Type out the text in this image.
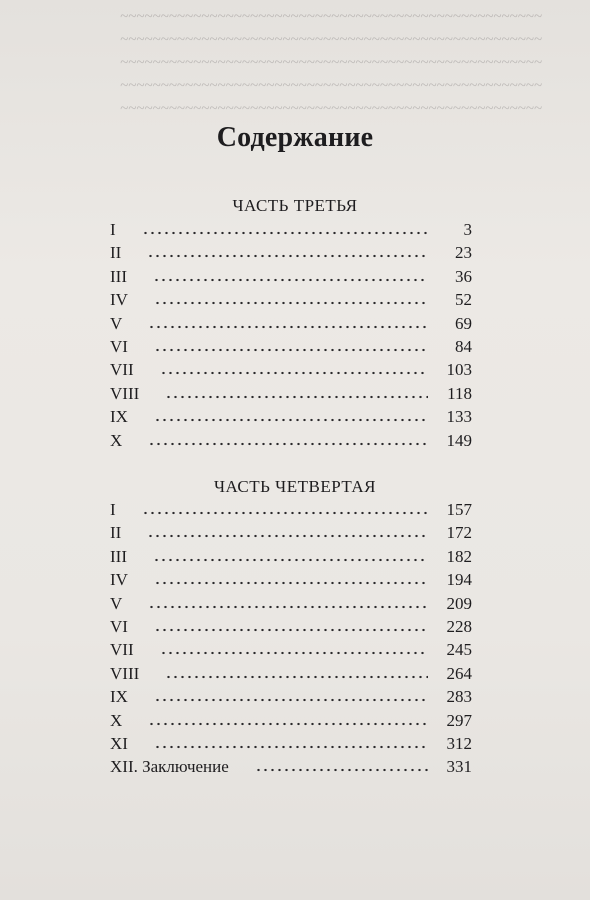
~~~~~~~~~~~~~~~~~~~~~~~~~~~~~~~~~~~~~~~~~~~~~~~~~~~~
~~~~~~~~~~~~~~~~~~~~~~~~~~~~~~~~~~~~~~~~~~~~~~~~~~~~
~~~~~~~~~~~~~~~~~~~~~~~~~~~~~~~~~~~~~~~~~~~~~~~~~~~~
~~~~~~~~~~~~~~~~~~~~~~~~~~~~~~~~~~~~~~~~~~~~~~~~~~~~
~~~~~~~~~~~~~~~~~~~~~~~~~~~~~~~~~~~~~~~~~~~~~~~~~~~~
Содержание
ЧАСТЬ ТРЕТЬЯ
I	3
II	23
III	36
IV	52
V	69
VI	84
VII	103
VIII	118
IX	133
X	149
ЧАСТЬ ЧЕТВЕРТАЯ
I	157
II	172
III	182
IV	194
V	209
VI	228
VII	245
VIII	264
IX	283
X	297
XI	312
XII. Заключение	331
